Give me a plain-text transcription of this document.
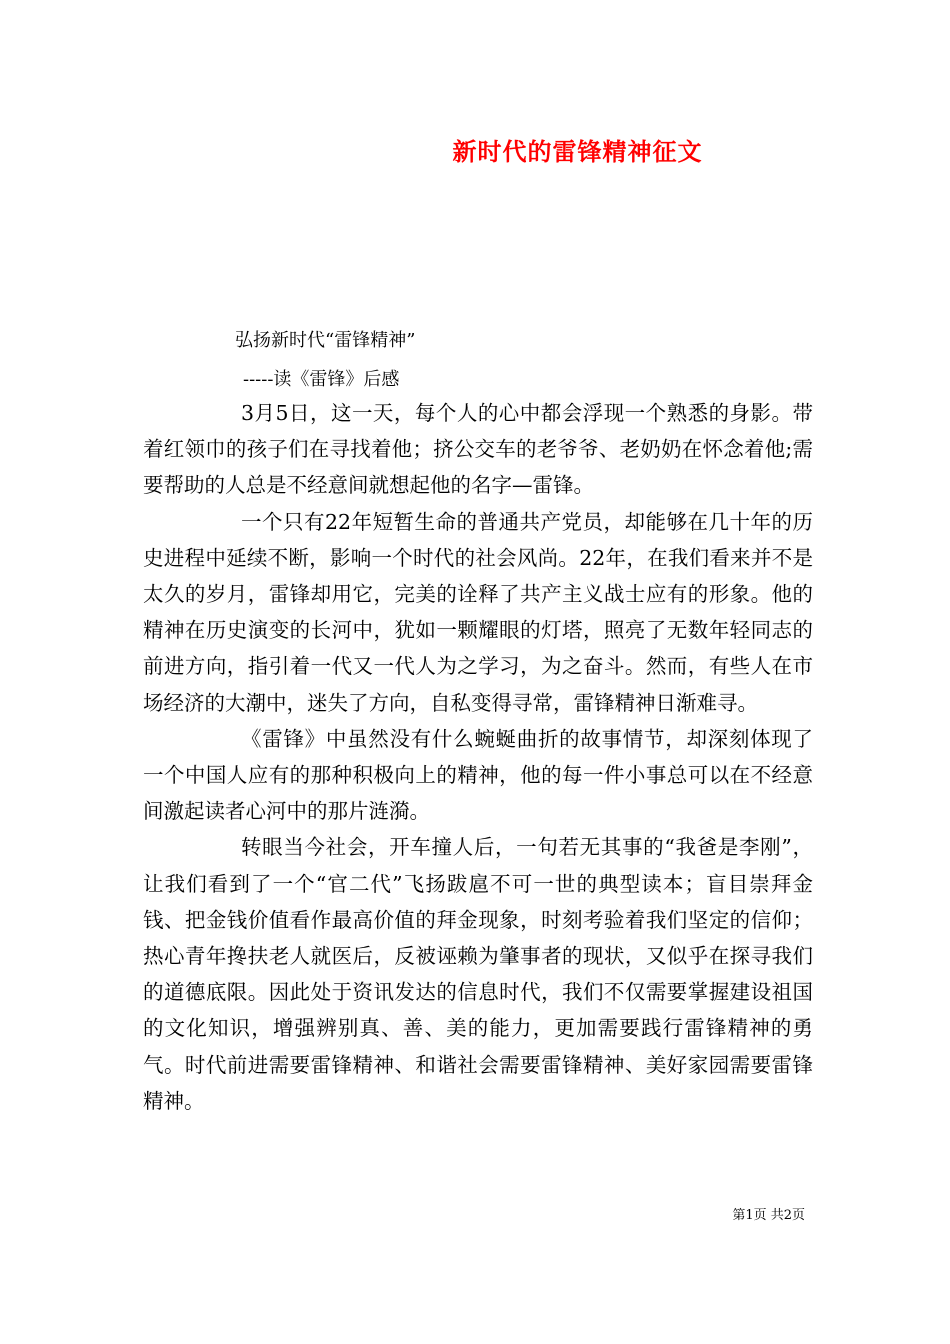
新时代的雷锋精神征文

弘扬新时代“雷锋精神”

-----读《雷锋》后感

3月5日，这一天，每个人的心中都会浮现一个熟悉的身影。带着红领巾的孩子们在寻找着他；挤公交车的老爷爷、老奶奶在怀念着他;需要帮助的人总是不经意间就想起他的名字—雷锋。

一个只有22年短暂生命的普通共产党员，却能够在几十年的历史进程中延续不断，影响一个时代的社会风尚。22年，在我们看来并不是太久的岁月，雷锋却用它，完美的诠释了共产主义战士应有的形象。他的精神在历史演变的长河中，犹如一颗耀眼的灯塔，照亮了无数年轻同志的前进方向，指引着一代又一代人为之学习，为之奋斗。然而，有些人在市场经济的大潮中，迷失了方向，自私变得寻常，雷锋精神日渐难寻。

《雷锋》中虽然没有什么蜿蜒曲折的故事情节，却深刻体现了一个中国人应有的那种积极向上的精神，他的每一件小事总可以在不经意间激起读者心河中的那片涟漪。

转眼当今社会，开车撞人后，一句若无其事的“我爸是李刚”，让我们看到了一个“官二代”飞扬跋扈不可一世的典型读本；盲目崇拜金钱、把金钱价值看作最高价值的拜金现象，时刻考验着我们坚定的信仰；热心青年搀扶老人就医后，反被诬赖为肇事者的现状，又似乎在探寻我们的道德底限。因此处于资讯发达的信息时代，我们不仅需要掌握建设祖国的文化知识，增强辨别真、善、美的能力，更加需要践行雷锋精神的勇气。时代前进需要雷锋精神、和谐社会需要雷锋精神、美好家园需要雷锋精神。

第1页 共2页
